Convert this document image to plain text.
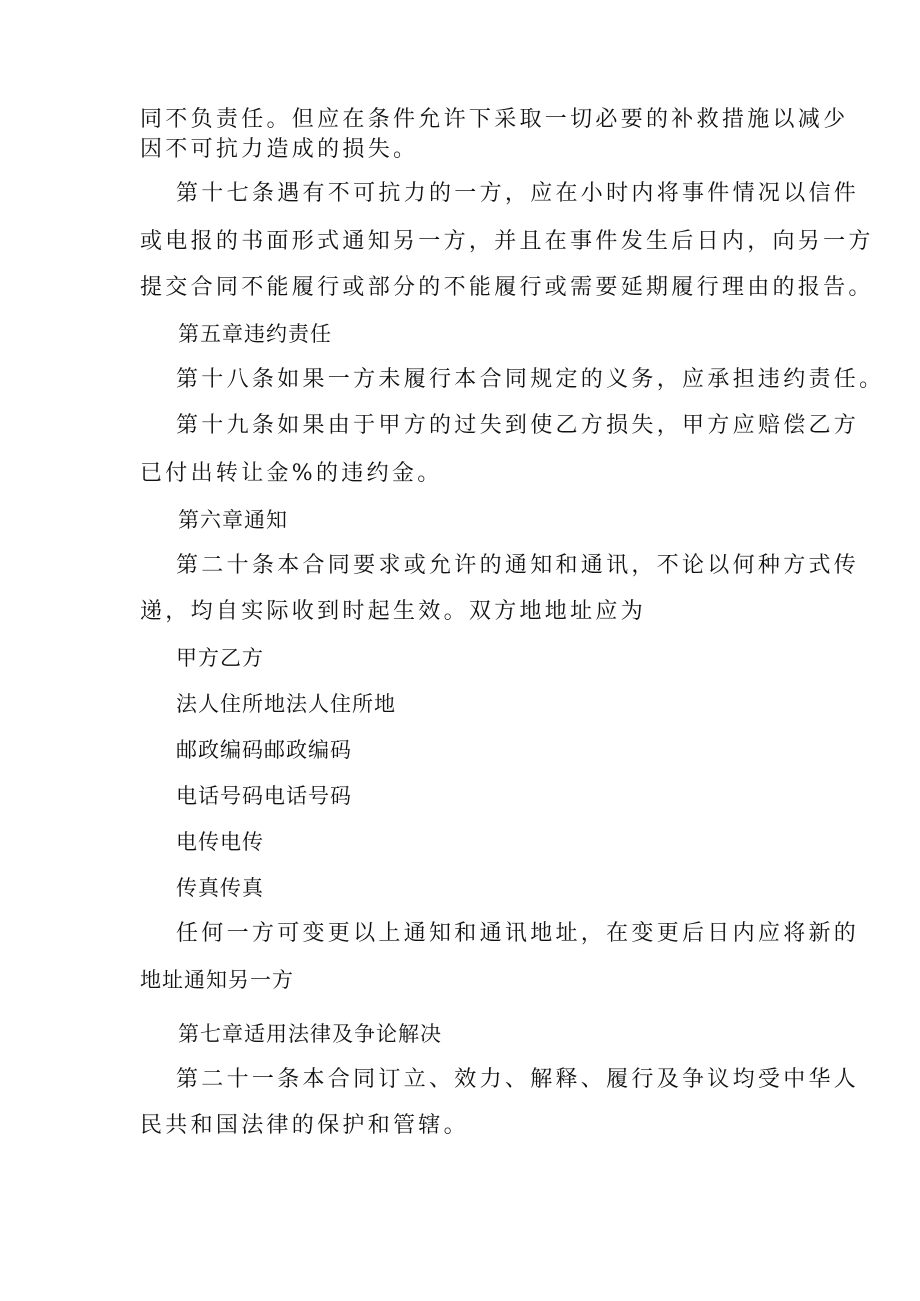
同不负责任。但应在条件允许下采取一切必要的补救措施以减少
因不可抗力造成的损失。
第十七条遇有不可抗力的一方，应在小时内将事件情况以信件
或电报的书面形式通知另一方，并且在事件发生后日内，向另一方
提交合同不能履行或部分的不能履行或需要延期履行理由的报告。
第五章违约责任
第十八条如果一方未履行本合同规定的义务，应承担违约责任。
第十九条如果由于甲方的过失到使乙方损失，甲方应赔偿乙方
已付出转让金%的违约金。
第六章通知
第二十条本合同要求或允许的通知和通讯，不论以何种方式传
递，均自实际收到时起生效。双方地地址应为
甲方乙方
法人住所地法人住所地
邮政编码邮政编码
电话号码电话号码
电传电传
传真传真
任何一方可变更以上通知和通讯地址，在变更后日内应将新的
地址通知另一方
第七章适用法律及争论解决
第二十一条本合同订立、效力、解释、履行及争议均受中华人
民共和国法律的保护和管辖。
